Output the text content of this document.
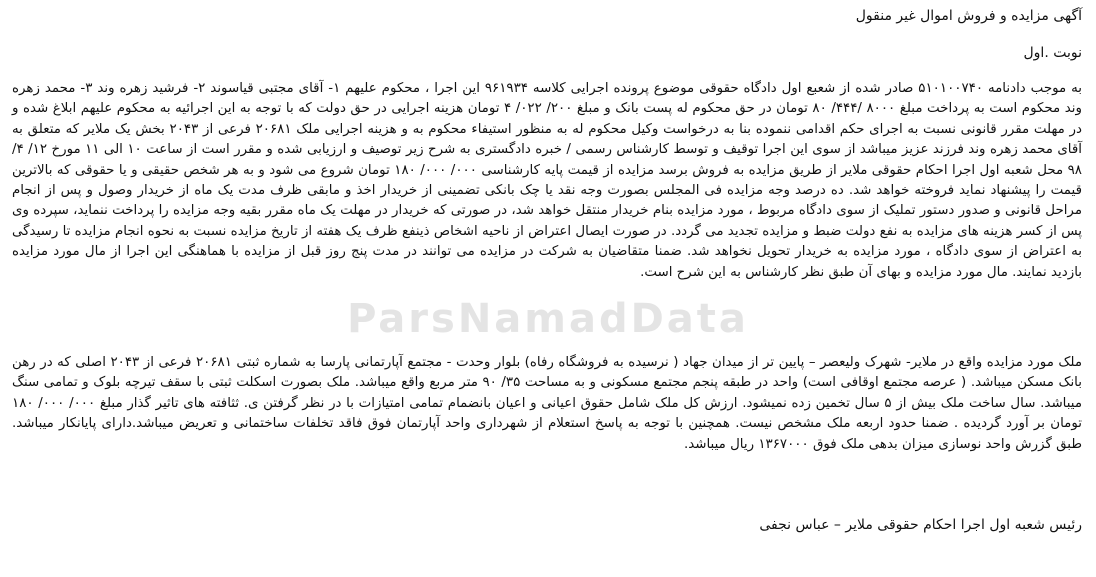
ParsNamadData
آگهی مزایده و فروش اموال غیر منقول
نوبت .اول

به موجب دادنامه ۵۱۰۱۰۰۷۴۰ صادر شده از شعبع اول دادگاه حقوقی موضوع پرونده اجرایی کلاسه ۹۶۱۹۳۴ این اجرا ، محکوم علیهم ۱- آقای مجتبی قیاسوند ۲- فرشید زهره وند ۳- محمد زهره وند محکوم است به پرداخت مبلغ ۸۰۰۰ /۴۴۴/ ۸۰ تومان در حق محکوم له پست بانک و مبلغ ۲۰۰/ ۰۲۲/ ۴ تومان هزینه اجرایی در حق دولت که با توجه به این اجرائیه به محکوم علیهم ابلاغ شده و در مهلت مقرر قانونی نسبت به اجرای حکم اقدامی ننموده بنا به درخواست وکیل محکوم له به منظور استیفاء محکوم به و هزینه اجرایی ملک ۲۰۶۸۱ فرعی از ۲۰۴۳ بخش یک ملایر که متعلق به آقای محمد زهره وند فرزند عزیز میباشد از سوی این اجرا توقیف و توسط کارشناس رسمی / خبره دادگستری به شرح زیر توصیف و ارزیابی شده و مقرر است از ساعت ۱۰ الی ۱۱ مورخ ۱۲/ ۴/ ۹۸ محل شعبه اول اجرا احکام حقوقی ملایر از طریق مزایده به فروش برسد مزایده از قیمت پایه کارشناسی ۰۰۰/ ۰۰۰/ ۱۸۰ تومان شروع می شود و به هر شخص حقیقی و یا حقوقی که بالاترین قیمت را پیشنهاد نماید فروخته خواهد شد. ده درصد وجه مزایده فی المجلس بصورت وجه نقد یا چک بانکی تضمینی از خریدار اخذ و مابقی ظرف مدت یک ماه از خریدار وصول و پس از انجام مراحل قانونی و صدور دستور تملیک از سوی دادگاه مربوط ، مورد مزایده بنام خریدار منتقل خواهد شد، در صورتی که خریدار در مهلت یک ماه مقرر بقیه وجه مزایده را پرداخت ننماید، سپرده وی پس از کسر هزینه های مزایده به نفع دولت ضبط و مزایده تجدید می گردد. در صورت ایصال اعتراض از ناحیه اشخاص ذینفع ظرف یک هفته از تاریخ مزایده نسبت به نحوه انجام مزایده تا رسیدگی به اعتراض از سوی دادگاه ، مورد مزایده به خریدار تحویل نخواهد شد. ضمنا متقاضیان به شرکت در مزایده می توانند در مدت پنج روز قبل از مزایده با هماهنگی این اجرا از مال مورد مزایده بازدید نمایند. مال مورد مزایده و بهای آن طبق نظر کارشناس به این شرح است.

ملک مورد مزایده واقع در ملایر- شهرک ولیعصر – پایین تر از میدان جهاد ( نرسیده به فروشگاه رفاه) بلوار وحدت - مجتمع آپارتمانی پارسا به شماره ثبتی ۲۰۶۸۱ فرعی از ۲۰۴۳ اصلی که در رهن بانک مسکن میباشد. ( عرصه مجتمع اوقافی است) واحد در طبقه پنجم مجتمع مسکونی و به مساحت ۳۵/ ۹۰ متر مربع واقع میباشد. ملک بصورت اسکلت ثبتی با سقف تیرچه بلوک و تمامی سنگ میباشد. سال ساخت ملک بیش از ۵ سال تخمین زده نمیشود. ارزش کل ملک شامل حقوق اعیانی و اعیان بانضمام تمامی امتیازات با در نظر گرفتن ی. ثثافته های تاثیر گذار مبلغ ۰۰۰/ ۰۰۰/ ۱۸۰ تومان بر آورد گردیده . ضمنا حدود اربعه ملک مشخص نیست. همچنین با توجه به پاسخ استعلام از شهرداری واحد آپارتمان فوق فاقد تخلفات ساختمانی و تعریض میباشد.دارای پایانکار میباشد. طبق گزرش واحد نوسازی میزان بدهی ملک فوق ۱۳۶۷۰۰۰ ریال میباشد.

رئیس شعبه اول اجرا احکام حقوقی ملایر – عباس نجفی
